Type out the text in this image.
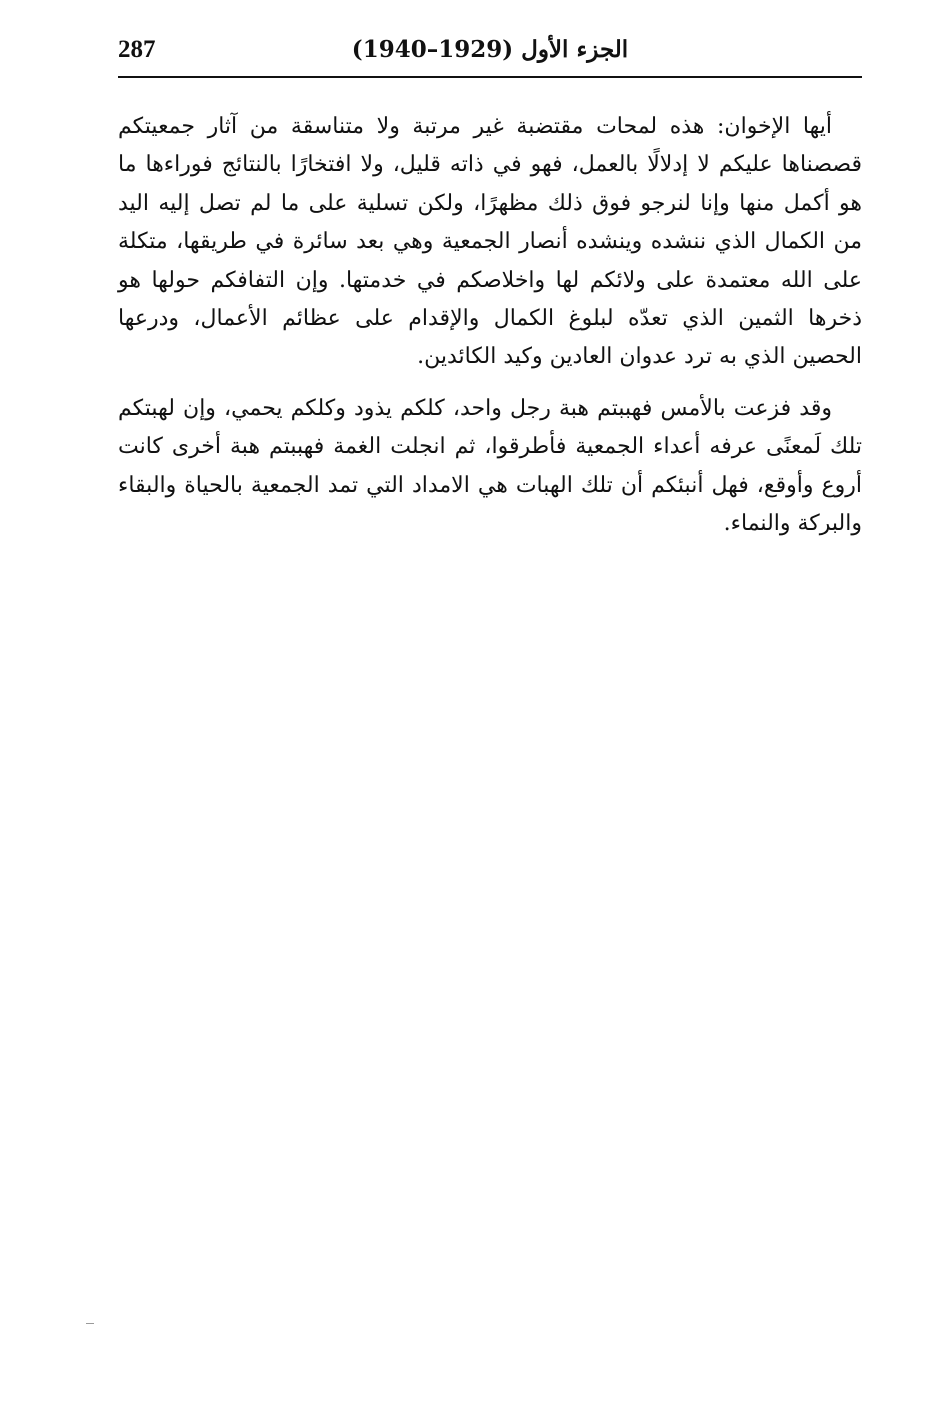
287	الجزء الأول (1929–1940)

أيها الإخوان: هذه لمحات مقتضبة غير مرتبة ولا متناسقة من آثار جمعيتكم قصصناها عليكم لا إدلالًا بالعمل، فهو في ذاته قليل، ولا افتخارًا بالنتائج فوراءها ما هو أكمل منها وإنا لنرجو فوق ذلك مظهرًا، ولكن تسلية على ما لم تصل إليه اليد من الكمال الذي ننشده وينشده أنصار الجمعية وهي بعد سائرة في طريقها، متكلة على الله معتمدة على ولائكم لها واخلاصكم في خدمتها. وإن التفافكم حولها هو ذخرها الثمين الذي تعدّه لبلوغ الكمال والإقدام على عظائم الأعمال، ودرعها الحصين الذي به ترد عدوان العادين وكيد الكائدين.

وقد فزعت بالأمس فهببتم هبة رجل واحد، كلكم يذود وكلكم يحمي، وإن لهبتكم تلك لَمعنًى عرفه أعداء الجمعية فأطرقوا، ثم انجلت الغمة فهببتم هبة أخرى كانت أروع وأوقع، فهل أنبئكم أن تلك الهبات هي الامداد التي تمد الجمعية بالحياة والبقاء والبركة والنماء.
